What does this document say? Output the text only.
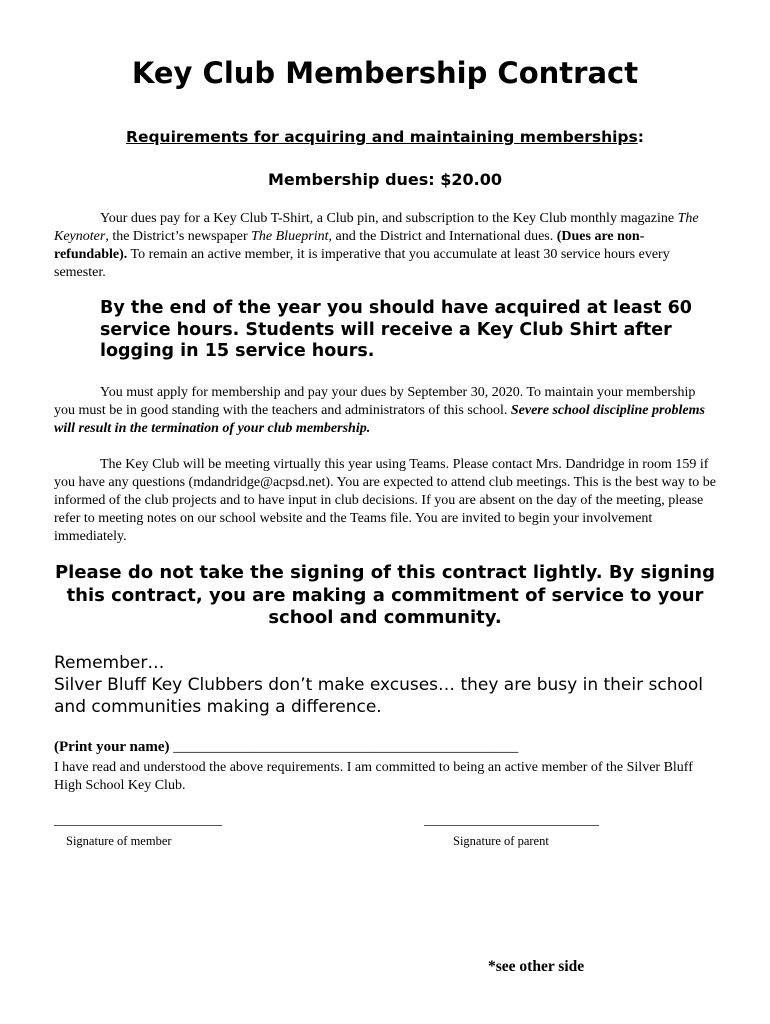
Key Club Membership Contract
Requirements for acquiring and maintaining memberships:
Membership dues: $20.00
Your dues pay for a Key Club T-Shirt, a Club pin, and subscription to the Key Club monthly magazine The Keynoter, the District’s newspaper The Blueprint, and the District and International dues. (Dues are non-refundable). To remain an active member, it is imperative that you accumulate at least 30 service hours every semester.
By the end of the year you should have acquired at least 60 service hours. Students will receive a Key Club Shirt after logging in 15 service hours.
You must apply for membership and pay your dues by September 30, 2020. To maintain your membership you must be in good standing with the teachers and administrators of this school. Severe school discipline problems will result in the termination of your club membership.
The Key Club will be meeting virtually this year using Teams. Please contact Mrs. Dandridge in room 159 if you have any questions (mdandridge@acpsd.net). You are expected to attend club meetings. This is the best way to be informed of the club projects and to have input in club decisions. If you are absent on the day of the meeting, please refer to meeting notes on our school website and the Teams file. You are invited to begin your involvement immediately.
Please do not take the signing of this contract lightly. By signing this contract, you are making a commitment of service to your school and community.
Remember…
Silver Bluff Key Clubbers don’t make excuses… they are busy in their school and communities making a difference.
(Print your name) ______________________________________________
I have read and understood the above requirements. I am committed to being an active member of the Silver Bluff High School Key Club.
Signature of member	Signature of parent
*see other side
